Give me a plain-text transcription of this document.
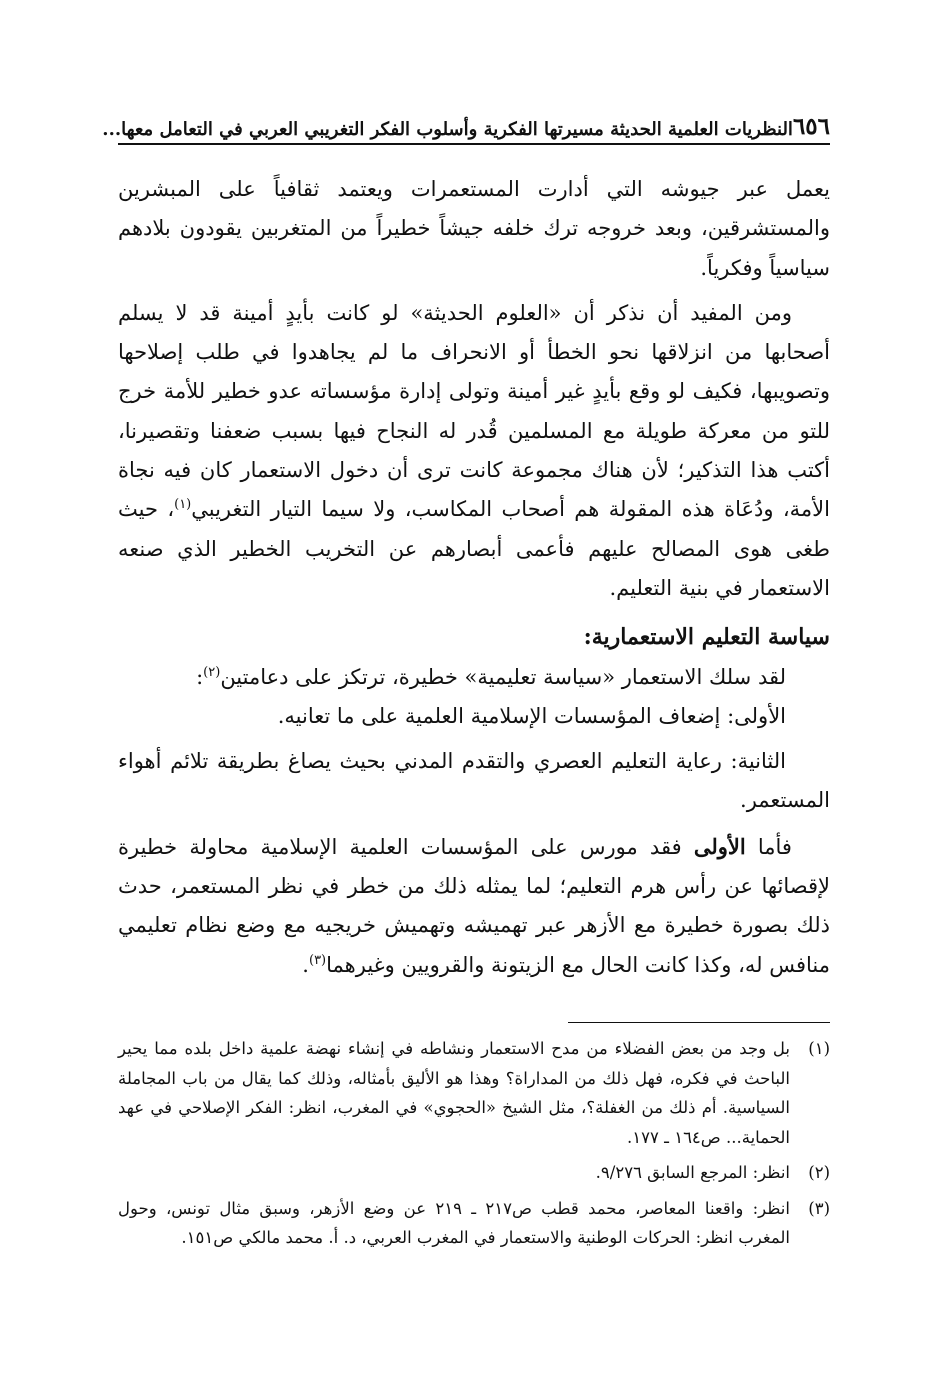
٦٥٦
النظريات العلمية الحديثة مسيرتها الفكرية وأسلوب الفكر التغريبي العربي في التعامل معها...

يعمل عبر جيوشه التي أدارت المستعمرات ويعتمد ثقافياً على المبشرين والمستشرقين، وبعد خروجه ترك خلفه جيشاً خطيراً من المتغربين يقودون بلادهم سياسياً وفكرياً.

ومن المفيد أن نذكر أن «العلوم الحديثة» لو كانت بأيدٍ أمينة قد لا يسلم أصحابها من انزلاقها نحو الخطأ أو الانحراف ما لم يجاهدوا في طلب إصلاحها وتصويبها، فكيف لو وقع بأيدٍ غير أمينة وتولى إدارة مؤسساته عدو خطير للأمة خرج للتو من معركة طويلة مع المسلمين قُدر له النجاح فيها بسبب ضعفنا وتقصيرنا، أكتب هذا التذكير؛ لأن هناك مجموعة كانت ترى أن دخول الاستعمار كان فيه نجاة الأمة، ودُعَاة هذه المقولة هم أصحاب المكاسب، ولا سيما التيار التغريبي$^{(١)}$، حيث طغى هوى المصالح عليهم فأعمى أبصارهم عن التخريب الخطير الذي صنعه الاستعمار في بنية التعليم.

سياسة التعليم الاستعمارية:

لقد سلك الاستعمار «سياسة تعليمية» خطيرة، ترتكز على دعامتين$^{(٢)}$:

الأولى: إضعاف المؤسسات الإسلامية العلمية على ما تعانيه.

الثانية: رعاية التعليم العصري والتقدم المدني بحيث يصاغ بطريقة تلائم أهواء المستعمر.

فأما الأولى فقد مورس على المؤسسات العلمية الإسلامية محاولة خطيرة لإقصائها عن رأس هرم التعليم؛ لما يمثله ذلك من خطر في نظر المستعمر، حدث ذلك بصورة خطيرة مع الأزهر عبر تهميشه وتهميش خريجيه مع وضع نظام تعليمي منافس له، وكذا كانت الحال مع الزيتونة والقرويين وغيرهما$^{(٣)}$.

(١)
بل وجد من بعض الفضلاء من مدح الاستعمار ونشاطه في إنشاء نهضة علمية داخل بلده مما يحير الباحث في فكره، فهل ذلك من المداراة؟ وهذا هو الأليق بأمثاله، وذلك كما يقال من باب المجاملة السياسية. أم ذلك من الغفلة؟، مثل الشيخ «الحجوي» في المغرب، انظر: الفكر الإصلاحي في عهد الحماية... ص١٦٤ ـ ١٧٧.
(٢)
انظر: المرجع السابق ٩/٢٧٦.
(٣)
انظر: واقعنا المعاصر، محمد قطب ص٢١٧ ـ ٢١٩ عن وضع الأزهر، وسبق مثال تونس، وحول المغرب انظر: الحركات الوطنية والاستعمار في المغرب العربي، د. أ. محمد مالكي ص١٥١.
